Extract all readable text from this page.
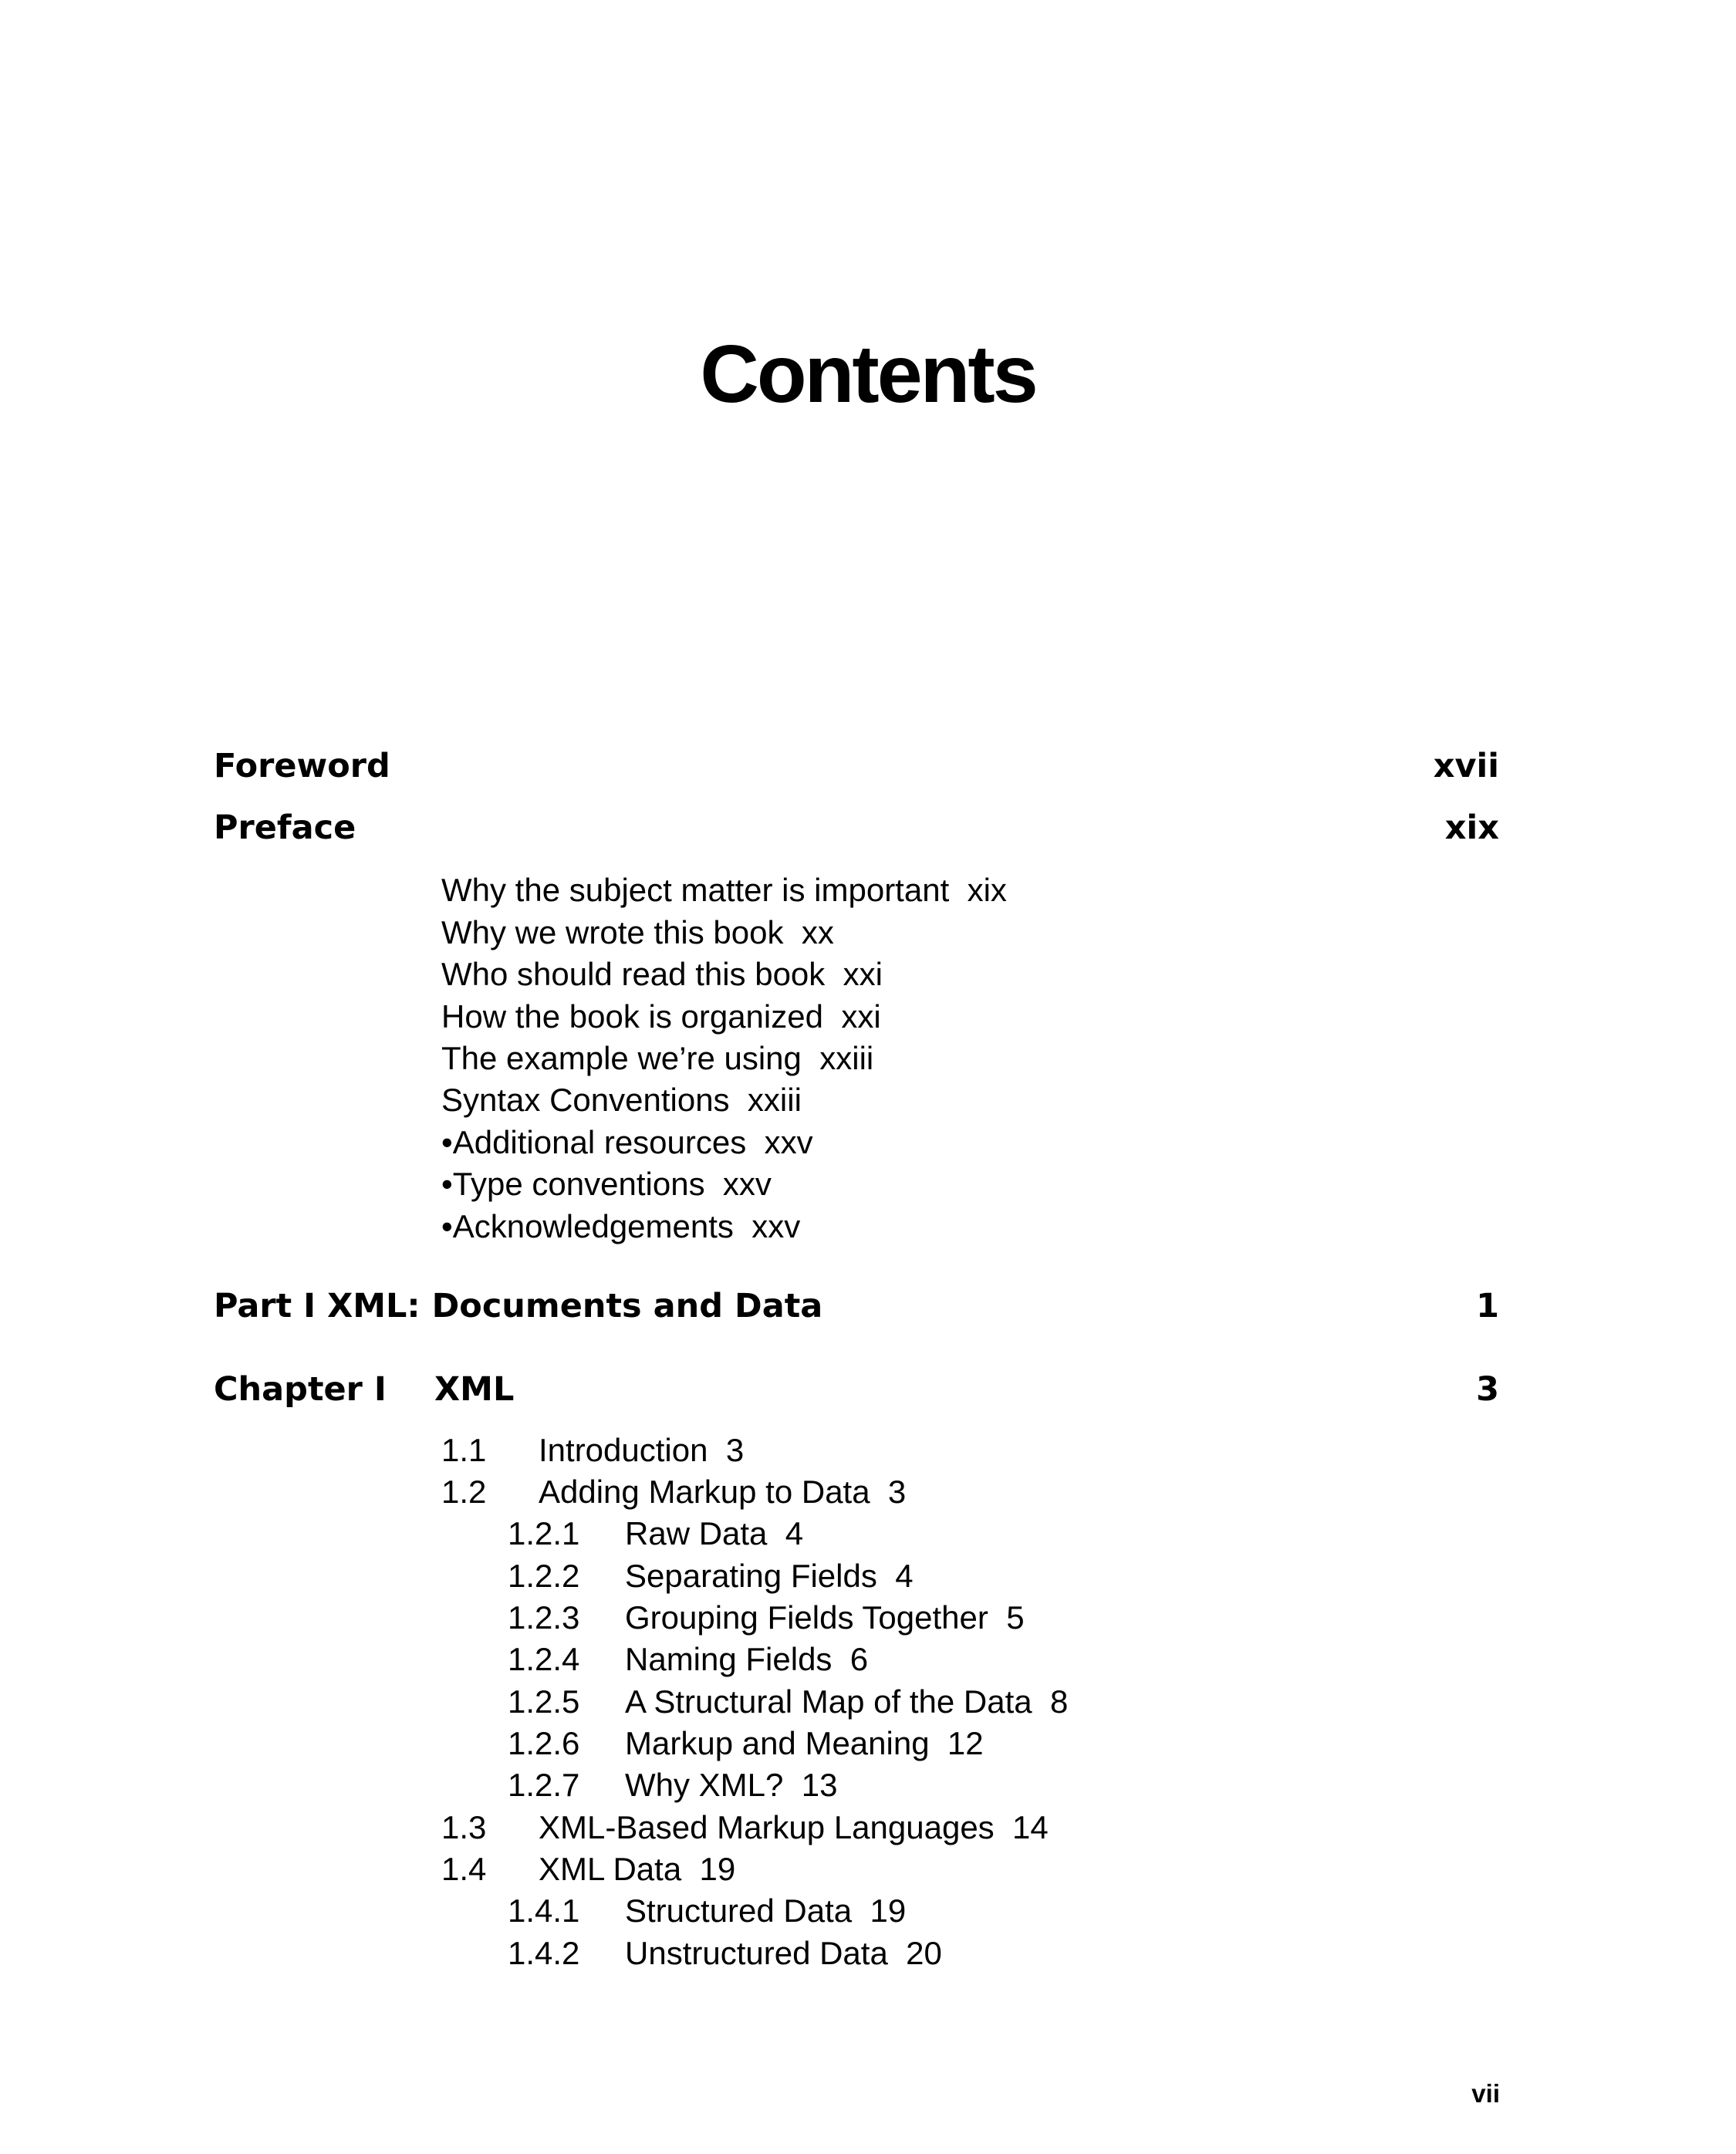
Contents
Foreword	xvii
Preface	xix
Why the subject matter is important xix
Why we wrote this book xx
Who should read this book xxi
How the book is organized xxi
The example we’re using xxiii
Syntax Conventions xxiii
•Additional resources xxv
•Type conventions xxv
•Acknowledgements xxv
Part I XML: Documents and Data	1
Chapter I XML	3
1.1 Introduction 3
1.2 Adding Markup to Data 3
1.2.1 Raw Data 4
1.2.2 Separating Fields 4
1.2.3 Grouping Fields Together 5
1.2.4 Naming Fields 6
1.2.5 A Structural Map of the Data 8
1.2.6 Markup and Meaning 12
1.2.7 Why XML? 13
1.3 XML-Based Markup Languages 14
1.4 XML Data 19
1.4.1 Structured Data 19
1.4.2 Unstructured Data 20
vii
